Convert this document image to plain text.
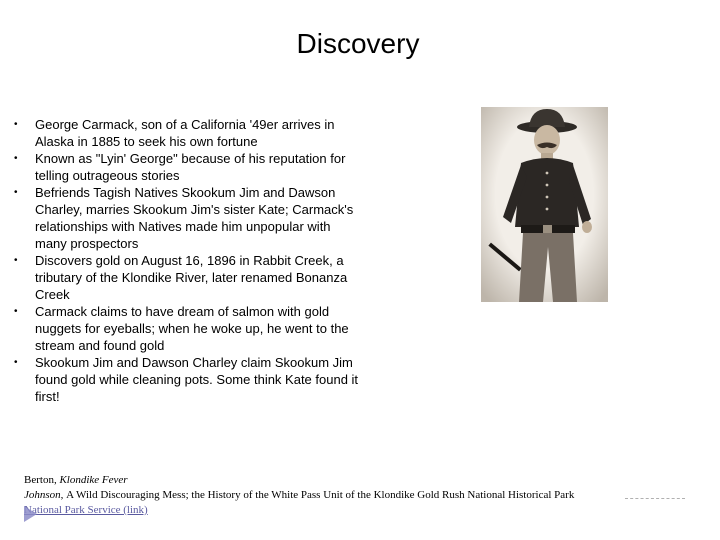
Discovery
• George Carmack, son of a California '49er arrives in Alaska in 1885 to seek his own fortune
• Known as "Lyin' George" because of his reputation for telling outrageous stories
• Befriends Tagish Natives Skookum Jim and Dawson Charley, marries Skookum Jim's sister Kate; Carmack's relationships with Natives made him unpopular with many prospectors
• Discovers gold on August 16, 1896 in Rabbit Creek, a tributary of the Klondike River, later renamed Bonanza Creek
• Carmack claims to have dream of salmon with gold nuggets for eyeballs; when he woke up, he went to the stream and found gold
• Skookum Jim and Dawson Charley claim Skookum Jim found gold while cleaning pots. Some think Kate found it first!
Berton, Klondike Fever
Johnson, A Wild Discouraging Mess; the History of the White Pass Unit of the Klondike Gold Rush National Historical Park
National Park Service (link)
